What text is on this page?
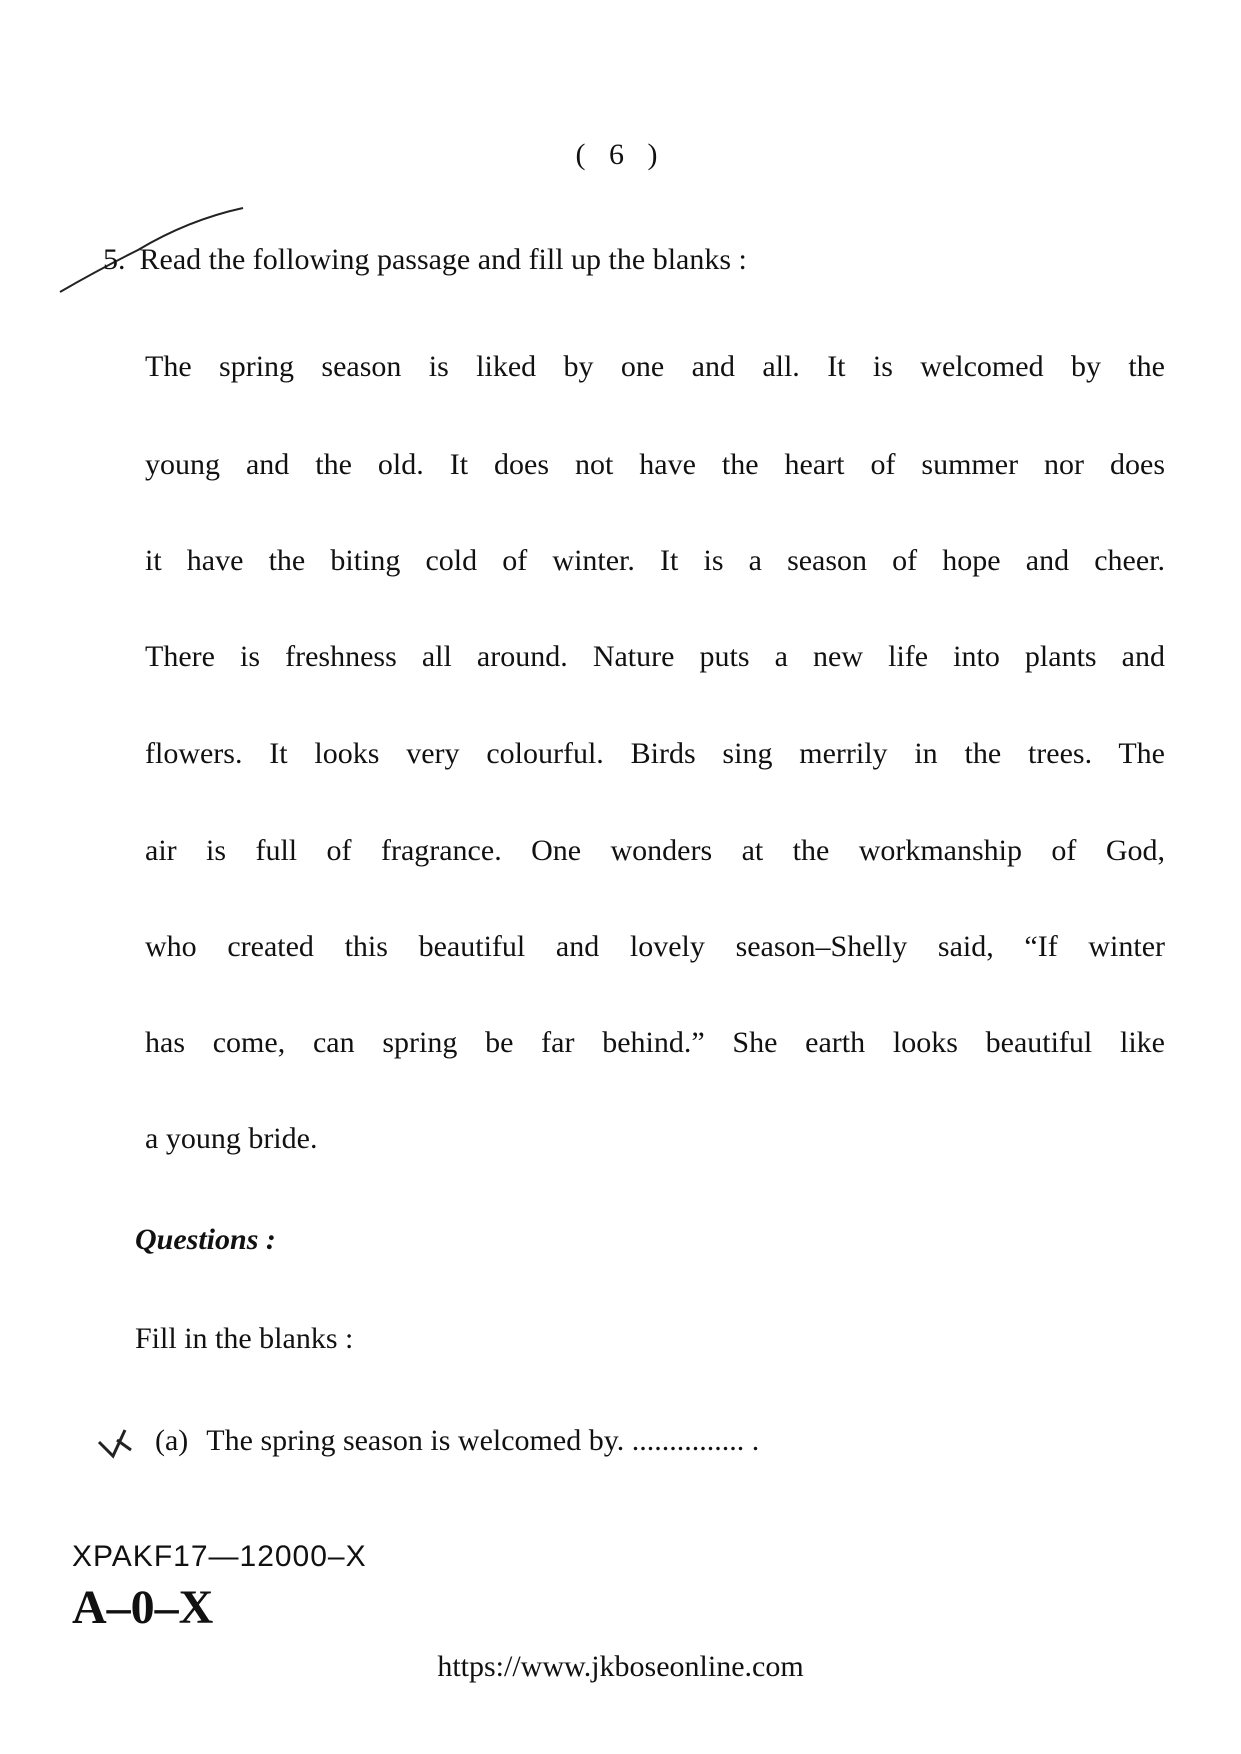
( 6 )
5. Read the following passage and fill up the blanks :
The spring season is liked by one and all. It is welcomed by the
young and the old. It does not have the heart of summer nor does
it have the biting cold of winter. It is a season of hope and cheer.
There is freshness all around. Nature puts a new life into plants and
flowers. It looks very colourful. Birds sing merrily in the trees. The
air is full of fragrance. One wonders at the workmanship of God,
who created this beautiful and lovely season–Shelly said, “If winter
has come, can spring be far behind.” She earth looks beautiful like
a young bride.
Questions :
Fill in the blanks :
(a) The spring season is welcomed by. ............... .
XPAKF17—12000–X
A–0–X
https://www.jkboseonline.com
